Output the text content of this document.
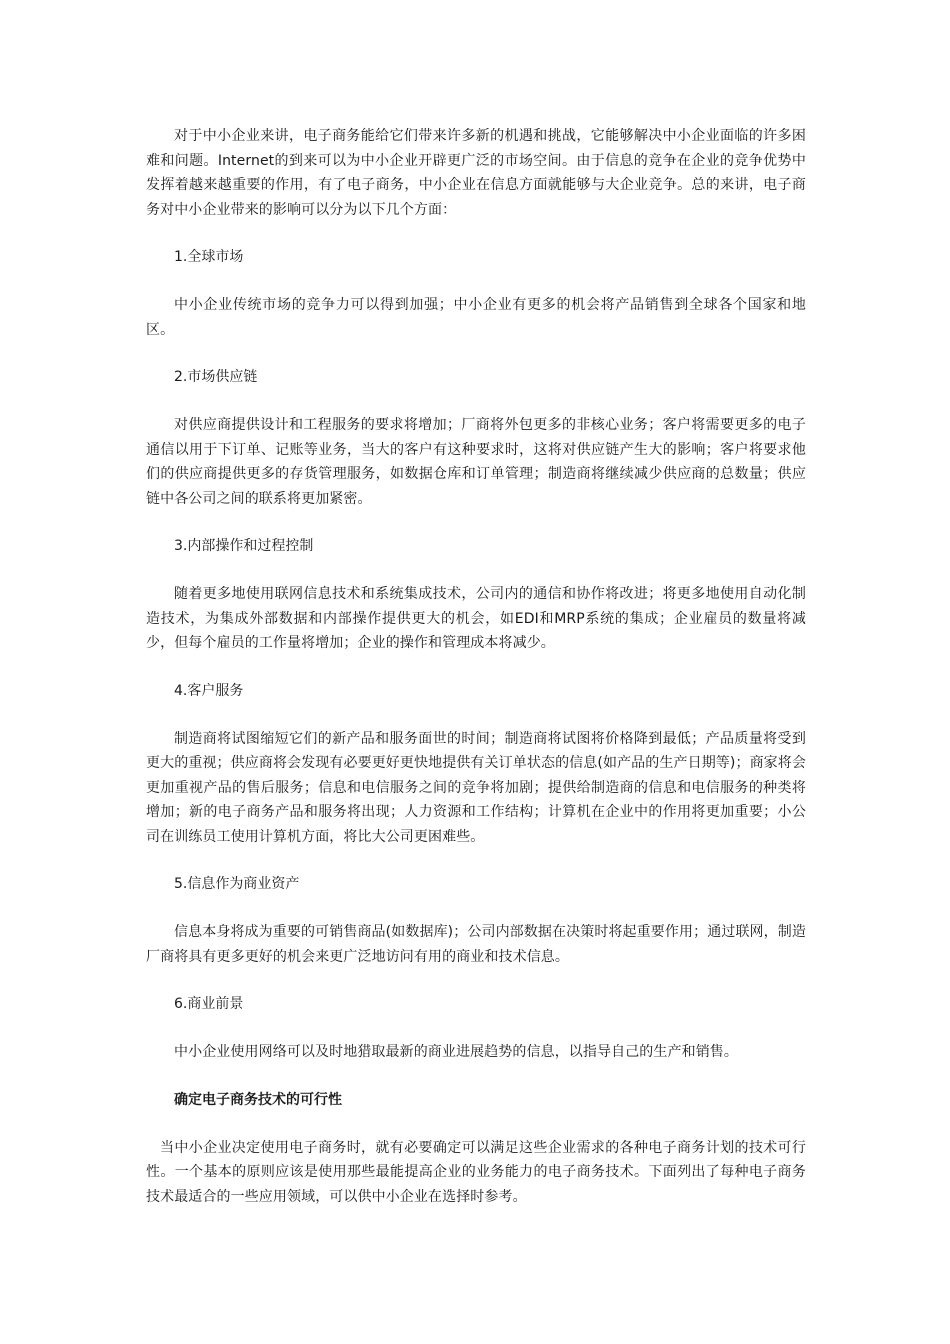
对于中小企业来讲，电子商务能给它们带来许多新的机遇和挑战，它能够解决中小企业面临的许多困难和问题。Internet的到来可以为中小企业开辟更广泛的市场空间。由于信息的竞争在企业的竞争优势中发挥着越来越重要的作用，有了电子商务，中小企业在信息方面就能够与大企业竞争。总的来讲，电子商务对中小企业带来的影响可以分为以下几个方面：

1.全球市场

中小企业传统市场的竞争力可以得到加强；中小企业有更多的机会将产品销售到全球各个国家和地区。

2.市场供应链

对供应商提供设计和工程服务的要求将增加；厂商将外包更多的非核心业务；客户将需要更多的电子通信以用于下订单、记账等业务，当大的客户有这种要求时，这将对供应链产生大的影响；客户将要求他们的供应商提供更多的存货管理服务，如数据仓库和订单管理；制造商将继续减少供应商的总数量；供应链中各公司之间的联系将更加紧密。

3.内部操作和过程控制

随着更多地使用联网信息技术和系统集成技术，公司内的通信和协作将改进；将更多地使用自动化制造技术，为集成外部数据和内部操作提供更大的机会，如EDI和MRP系统的集成；企业雇员的数量将减少，但每个雇员的工作量将增加；企业的操作和管理成本将减少。

4.客户服务

制造商将试图缩短它们的新产品和服务面世的时间；制造商将试图将价格降到最低；产品质量将受到更大的重视；供应商将会发现有必要更好更快地提供有关订单状态的信息(如产品的生产日期等)；商家将会更加重视产品的售后服务；信息和电信服务之间的竞争将加剧；提供给制造商的信息和电信服务的种类将增加；新的电子商务产品和服务将出现；人力资源和工作结构；计算机在企业中的作用将更加重要；小公司在训练员工使用计算机方面，将比大公司更困难些。

5.信息作为商业资产

信息本身将成为重要的可销售商品(如数据库)；公司内部数据在决策时将起重要作用；通过联网，制造厂商将具有更多更好的机会来更广泛地访问有用的商业和技术信息。

6.商业前景

中小企业使用网络可以及时地猎取最新的商业进展趋势的信息，以指导自己的生产和销售。

确定电子商务技术的可行性

当中小企业决定使用电子商务时，就有必要确定可以满足这些企业需求的各种电子商务计划的技术可行性。一个基本的原则应该是使用那些最能提高企业的业务能力的电子商务技术。下面列出了每种电子商务技术最适合的一些应用领域，可以供中小企业在选择时参考。
